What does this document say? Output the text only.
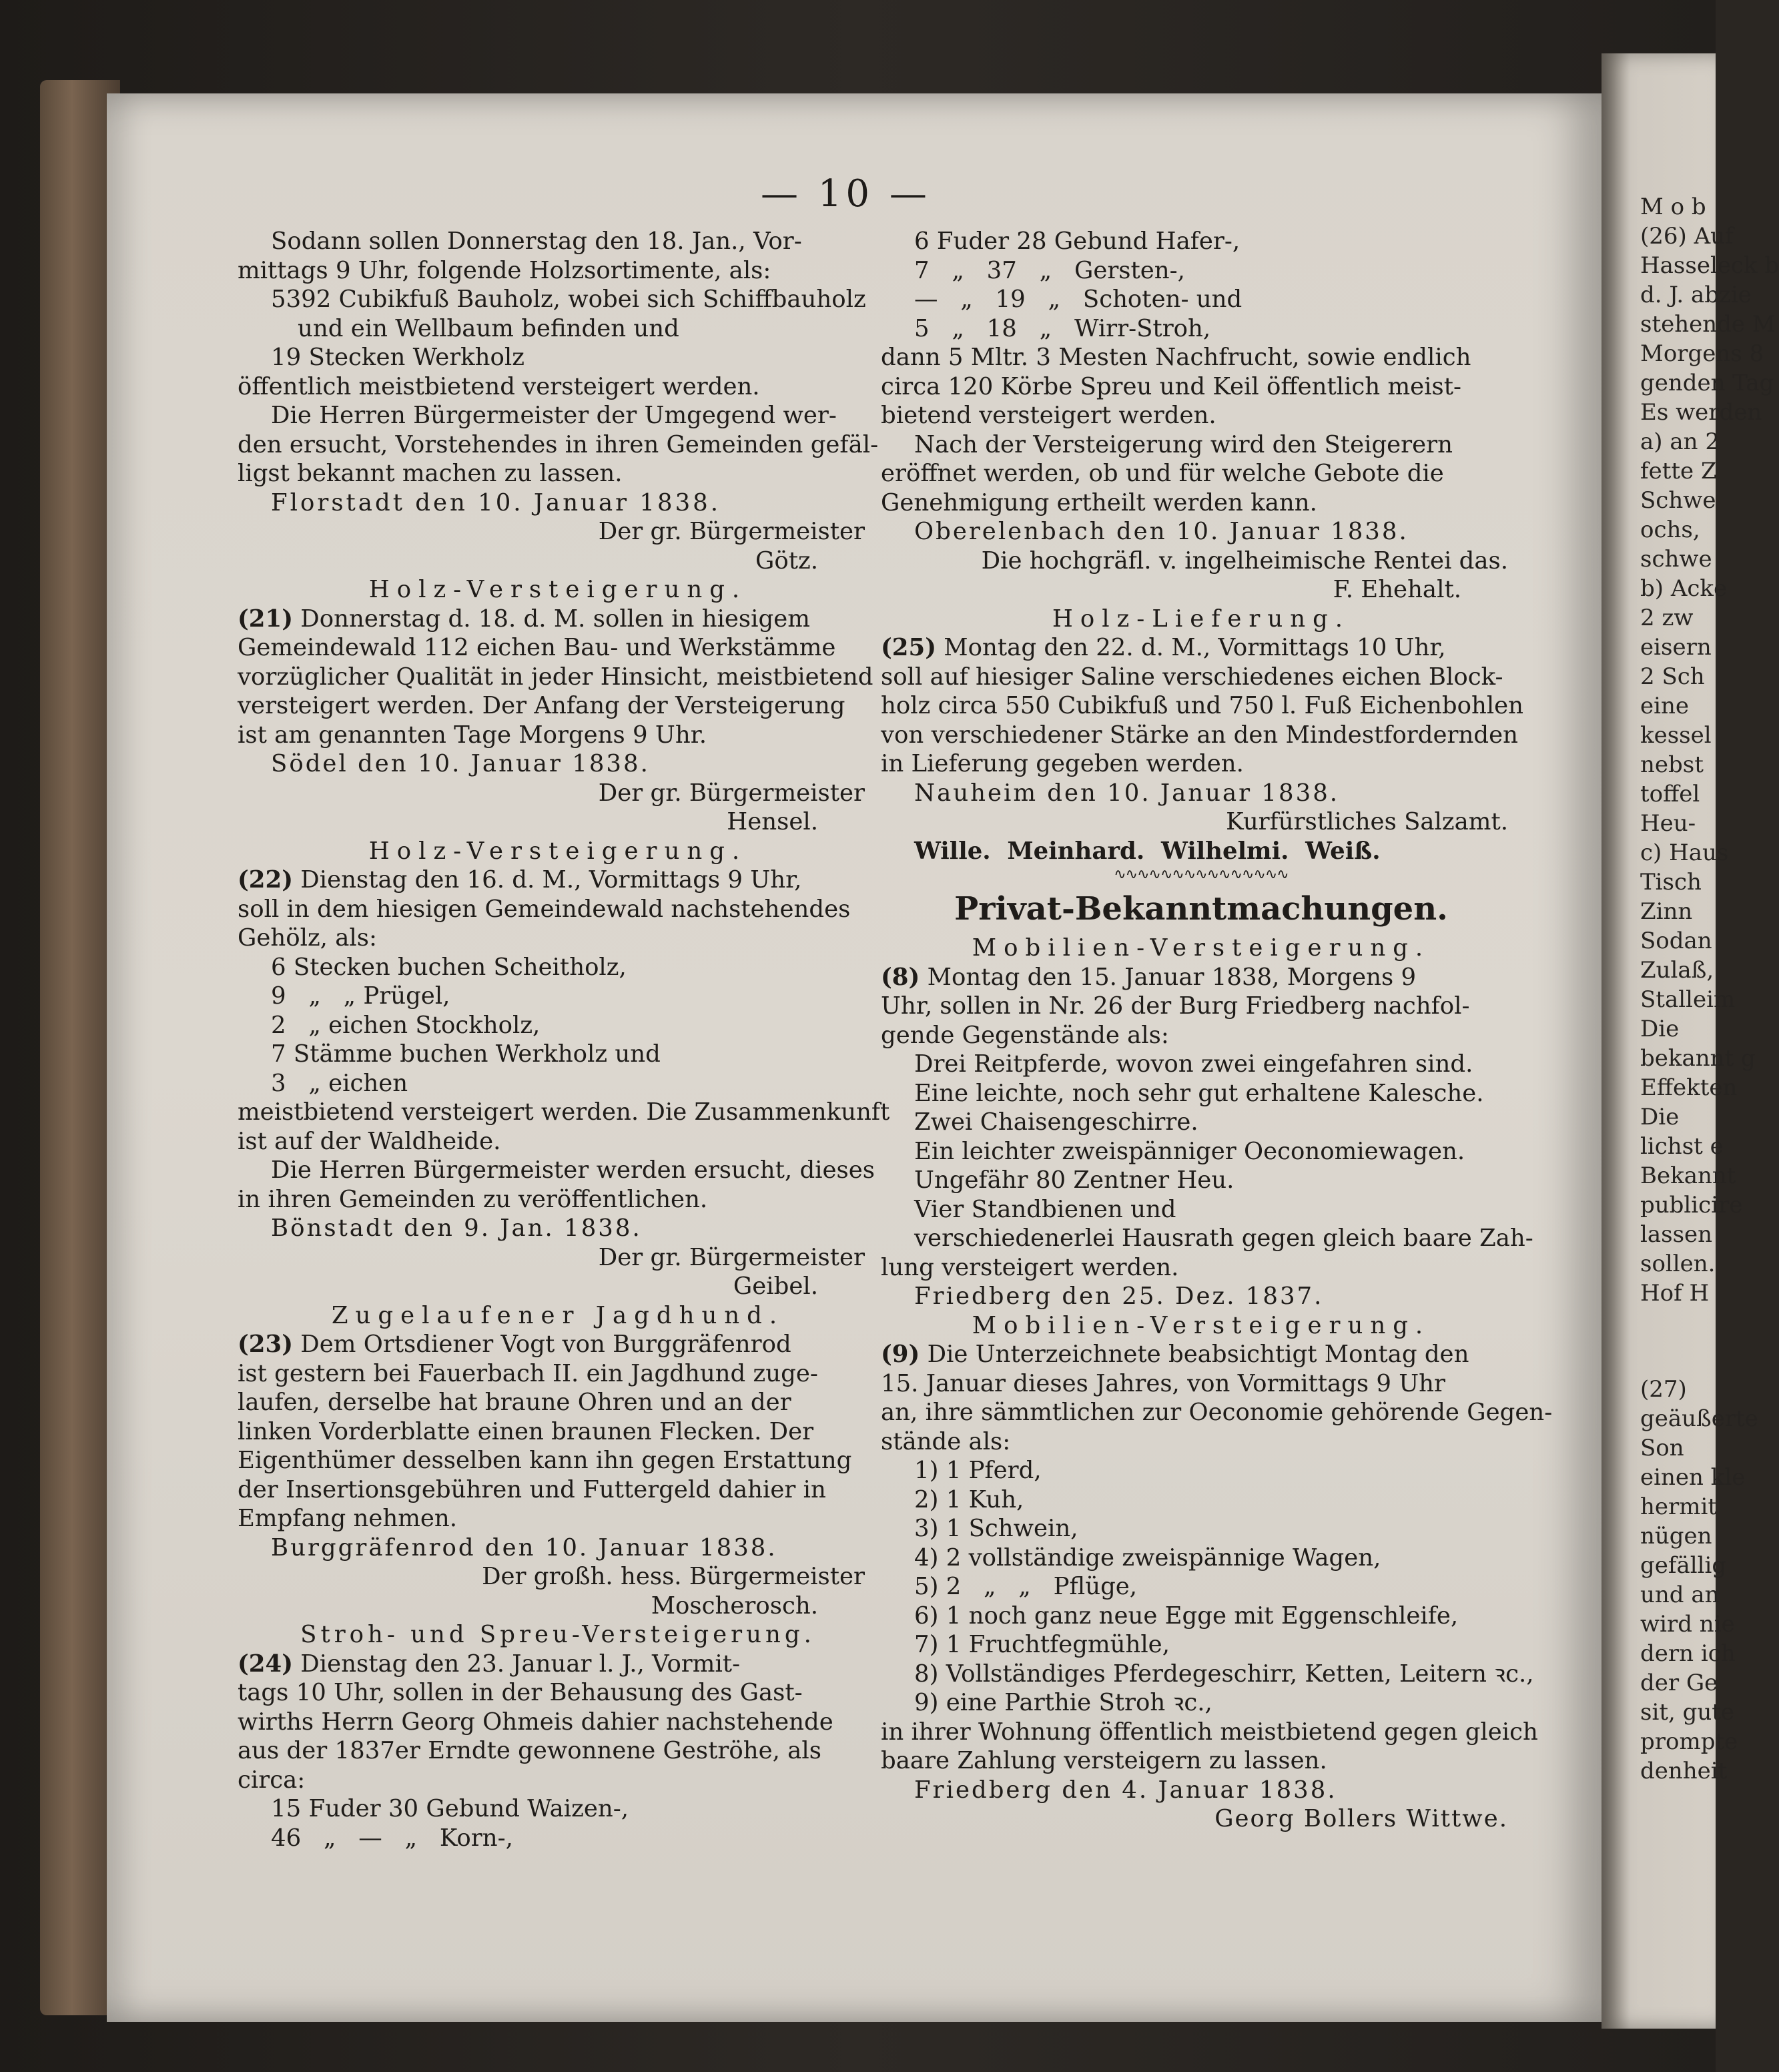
M o b
(26) Auf
Hasseleck b
d. J. abzie
stehende M
Morgens 8
genden Tag
Es werden
a) an 2
fette Z
Schwe
ochs,
schwe
b) Acke
2 zw
eisern
2 Sch
eine
kessel
nebst
toffel
Heu-
c) Haus
Tisch
Zinn
Sodan
Zulaß,
Stalleim
Die
bekannt g
Effekten
Die
lichst e
Bekannt
publicire
lassen
sollen.
Hof H
(27)
geäußerte
Son
einen kle
hermit
nügen
gefällig
und an
wird nie
dern ich
der Ge
sit, gute
prompte
denheit
— 10 —

Sodann sollen Donnerstag den 18. Jan., Vor-

mittags 9 Uhr, folgende Holzsortimente, als:

5392 Cubikfuß Bauholz, wobei sich Schiffbauholz

und ein Wellbaum befinden und

19 Stecken Werkholz

öffentlich meistbietend versteigert werden.

Die Herren Bürgermeister der Umgegend wer-

den ersucht, Vorstehendes in ihren Gemeinden gefäl-

ligst bekannt machen zu lassen.

Florstadt den 10. Januar 1838.

Der gr. Bürgermeister

Götz.

Holz-Versteigerung.

(21) Donnerstag d. 18. d. M. sollen in hiesigem

Gemeindewald 112 eichen Bau- und Werkstämme

vorzüglicher Qualität in jeder Hinsicht, meistbietend

versteigert werden. Der Anfang der Versteigerung

ist am genannten Tage Morgens 9 Uhr.

Södel den 10. Januar 1838.

Der gr. Bürgermeister

Hensel.

Holz-Versteigerung.

(22) Dienstag den 16. d. M., Vormittags 9 Uhr,

soll in dem hiesigen Gemeindewald nachstehendes

Gehölz, als:

6 Stecken buchen Scheitholz,

9   „   „ Prügel,

2   „ eichen Stockholz,

7 Stämme buchen Werkholz und

3   „ eichen

meistbietend versteigert werden. Die Zusammenkunft

ist auf der Waldheide.

Die Herren Bürgermeister werden ersucht, dieses

in ihren Gemeinden zu veröffentlichen.

Bönstadt den 9. Jan. 1838.

Der gr. Bürgermeister

Geibel.

Zugelaufener Jagdhund.

(23) Dem Ortsdiener Vogt von Burggräfenrod

ist gestern bei Fauerbach II. ein Jagdhund zuge-

laufen, derselbe hat braune Ohren und an der

linken Vorderblatte einen braunen Flecken. Der

Eigenthümer desselben kann ihn gegen Erstattung

der Insertionsgebühren und Futtergeld dahier in

Empfang nehmen.

Burggräfenrod den 10. Januar 1838.

Der großh. hess. Bürgermeister

Moscherosch.

Stroh- und Spreu-Versteigerung.

(24) Dienstag den 23. Januar l. J., Vormit-

tags 10 Uhr, sollen in der Behausung des Gast-

wirths Herrn Georg Ohmeis dahier nachstehende

aus der 1837er Erndte gewonnene Geströhe, als

circa:

15 Fuder 30 Gebund Waizen-,

46   „   —   „   Korn-,

6 Fuder 28 Gebund Hafer-,

7   „   37   „   Gersten-,

—   „   19   „   Schoten- und

5   „   18   „   Wirr-Stroh,

dann 5 Mltr. 3 Mesten Nachfrucht, sowie endlich

circa 120 Körbe Spreu und Keil öffentlich meist-

bietend versteigert werden.

Nach der Versteigerung wird den Steigerern

eröffnet werden, ob und für welche Gebote die

Genehmigung ertheilt werden kann.

Oberelenbach den 10. Januar 1838.

Die hochgräfl. v. ingelheimische Rentei das.

F. Ehehalt.

Holz-Lieferung.

(25) Montag den 22. d. M., Vormittags 10 Uhr,

soll auf hiesiger Saline verschiedenes eichen Block-

holz circa 550 Cubikfuß und 750 l. Fuß Eichenbohlen

von verschiedener Stärke an den Mindestfordernden

in Lieferung gegeben werden.

Nauheim den 10. Januar 1838.

Kurfürstliches Salzamt.

Wille.  Meinhard.  Wilhelmi.  Weiß.

∿∿∿∿∿∿∿∿∿∿∿∿∿∿∿
Privat-Bekanntmachungen.

Mobilien-Versteigerung.

(8) Montag den 15. Januar 1838, Morgens 9

Uhr, sollen in Nr. 26 der Burg Friedberg nachfol-

gende Gegenstände als:

Drei Reitpferde, wovon zwei eingefahren sind.

Eine leichte, noch sehr gut erhaltene Kalesche.

Zwei Chaisengeschirre.

Ein leichter zweispänniger Oeconomiewagen.

Ungefähr 80 Zentner Heu.

Vier Standbienen und

verschiedenerlei Hausrath gegen gleich baare Zah-

lung versteigert werden.

Friedberg den 25. Dez. 1837.

Mobilien-Versteigerung.

(9) Die Unterzeichnete beabsichtigt Montag den

15. Januar dieses Jahres, von Vormittags 9 Uhr

an, ihre sämmtlichen zur Oeconomie gehörende Gegen-

stände als:

1) 1 Pferd,

2) 1 Kuh,

3) 1 Schwein,

4) 2 vollständige zweispännige Wagen,

5) 2   „   „   Pflüge,

6) 1 noch ganz neue Egge mit Eggenschleife,

7) 1 Fruchtfegmühle,

8) Vollständiges Pferdegeschirr, Ketten, Leitern ꝛc.,

9) eine Parthie Stroh ꝛc.,

in ihrer Wohnung öffentlich meistbietend gegen gleich

baare Zahlung versteigern zu lassen.

Friedberg den 4. Januar 1838.

Georg Bollers Wittwe.
